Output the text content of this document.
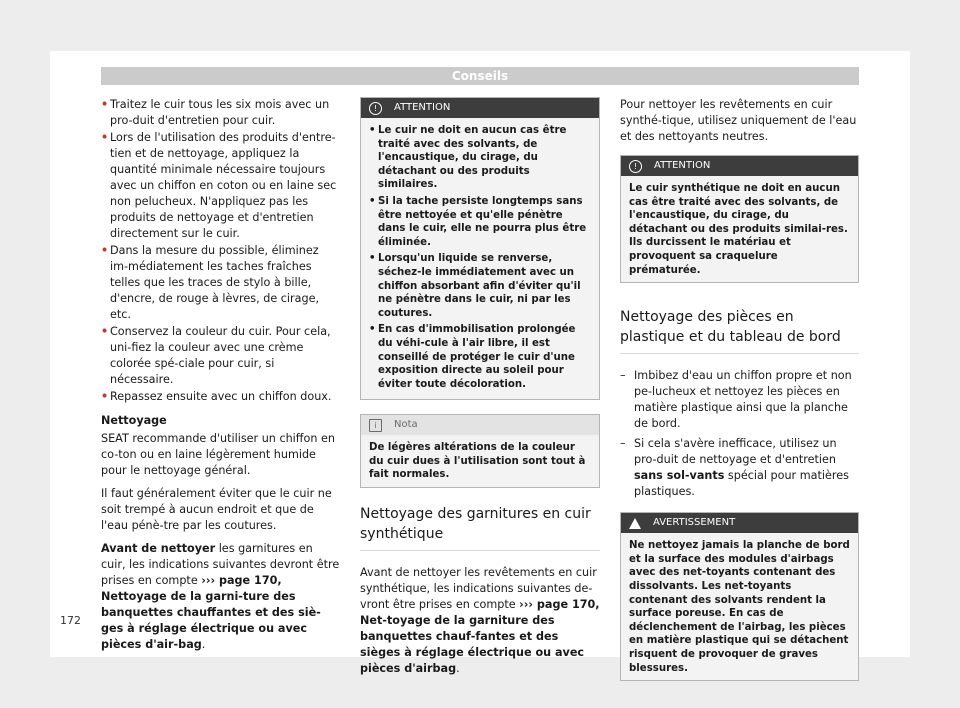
Conseils
• Traitez le cuir tous les six mois avec un pro-duit d'entretien pour cuir.
• Lors de l'utilisation des produits d'entre-tien et de nettoyage, appliquez la quantité minimale nécessaire toujours avec un chiffon en coton ou en laine sec non pelucheux. N'appliquez pas les produits de nettoyage et d'entretien directement sur le cuir.
• Dans la mesure du possible, éliminez im-médiatement les taches fraîches telles que les traces de stylo à bille, d'encre, de rouge à lèvres, de cirage, etc.
• Conservez la couleur du cuir. Pour cela, uni-fiez la couleur avec une crème colorée spé-ciale pour cuir, si nécessaire.
• Repassez ensuite avec un chiffon doux.
Nettoyage

SEAT recommande d'utiliser un chiffon en co-ton ou en laine légèrement humide pour le nettoyage général.

Il faut généralement éviter que le cuir ne soit trempé à aucun endroit et que de l'eau pénè-tre par les coutures.

Avant de nettoyer les garnitures en cuir, les indications suivantes devront être prises en compte ››› page 170, Nettoyage de la garni-ture des banquettes chauffantes et des siè-ges à réglage électrique ou avec pièces d'air-bag.

!	ATTENTION
• Le cuir ne doit en aucun cas être traité avec des solvants, de l'encaustique, du cirage, du détachant ou des produits similaires.
• Si la tache persiste longtemps sans être nettoyée et qu'elle pénètre dans le cuir, elle ne pourra plus être éliminée.
• Lorsqu'un liquide se renverse, séchez-le immédiatement avec un chiffon absorbant afin d'éviter qu'il ne pénètre dans le cuir, ni par les coutures.
• En cas d'immobilisation prolongée du véhi-cule à l'air libre, il est conseillé de protéger le cuir d'une exposition directe au soleil pour éviter toute décoloration.
i	Nota
De légères altérations de la couleur du cuir dues à l'utilisation sont tout à fait normales.
Nettoyage des garnitures en cuir synthétique

Avant de nettoyer les revêtements en cuir synthétique, les indications suivantes de-vront être prises en compte ››› page 170, Net-toyage de la garniture des banquettes chauf-fantes et des sièges à réglage électrique ou avec pièces d'airbag.

Pour nettoyer les revêtements en cuir synthé-tique, utilisez uniquement de l'eau et des nettoyants neutres.

!	ATTENTION
Le cuir synthétique ne doit en aucun cas être traité avec des solvants, de l'encaustique, du cirage, du détachant ou des produits similai-res. Ils durcissent le matériau et provoquent sa craquelure prématurée.
Nettoyage des pièces en plastique et du tableau de bord
– Imbibez d'eau un chiffon propre et non pe-lucheux et nettoyez les pièces en matière plastique ainsi que la planche de bord.
– Si cela s'avère inefficace, utilisez un pro-duit de nettoyage et d'entretien sans sol-vants spécial pour matières plastiques.
AVERTISSEMENT
Ne nettoyez jamais la planche de bord et la surface des modules d'airbags avec des net-toyants contenant des dissolvants. Les net-toyants contenant des solvants rendent la surface poreuse. En cas de déclenchement de l'airbag, les pièces en matière plastique qui se détachent risquent de provoquer de graves blessures.
172
